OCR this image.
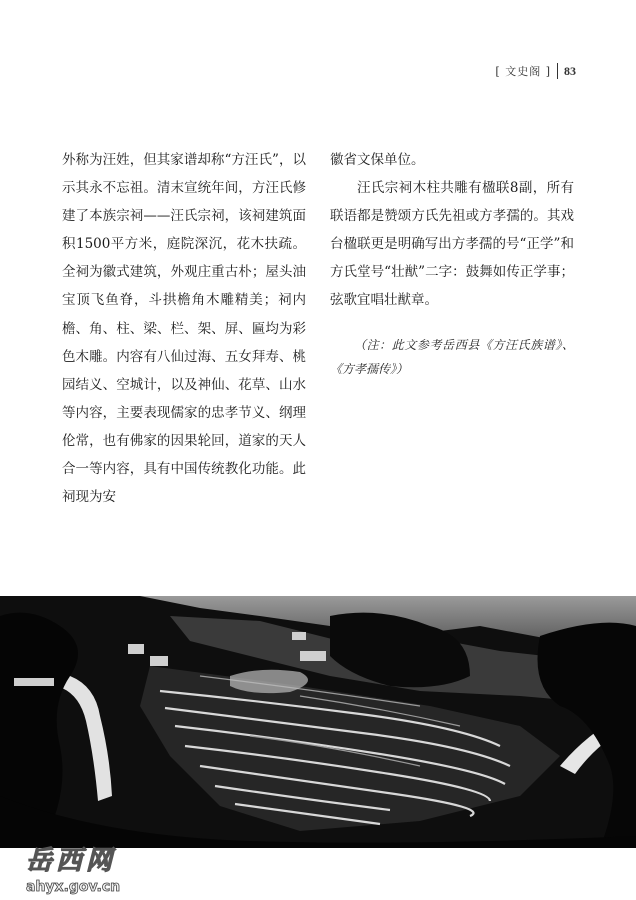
[ 文史阁 ] 83

外称为汪姓，但其家谱却称“方汪氏”，以示其永不忘祖。清末宣统年间，方汪氏修建了本族宗祠——汪氏宗祠，该祠建筑面积1500平方米，庭院深沉，花木扶疏。全祠为徽式建筑，外观庄重古朴；屋头油宝顶飞鱼脊，斗拱檐角木雕精美；祠内檐、角、柱、梁、栏、架、屏、匾均为彩色木雕。内容有八仙过海、五女拜寿、桃园结义、空城计，以及神仙、花草、山水等内容，主要表现儒家的忠孝节义、纲理伦常，也有佛家的因果轮回，道家的天人合一等内容，具有中国传统教化功能。此祠现为安

徽省文保单位。

汪氏宗祠木柱共雕有楹联8副，所有联语都是赞颂方氏先祖或方孝孺的。其戏台楹联更是明确写出方孝孺的号“正学”和方氏堂号“壮猷”二字：鼓舞如传正学事；弦歌宜唱壮猷章。

（注：此文参考岳西县《方汪氏族谱》、《方孝孺传》）

岳西网
ahyx.gov.cn
